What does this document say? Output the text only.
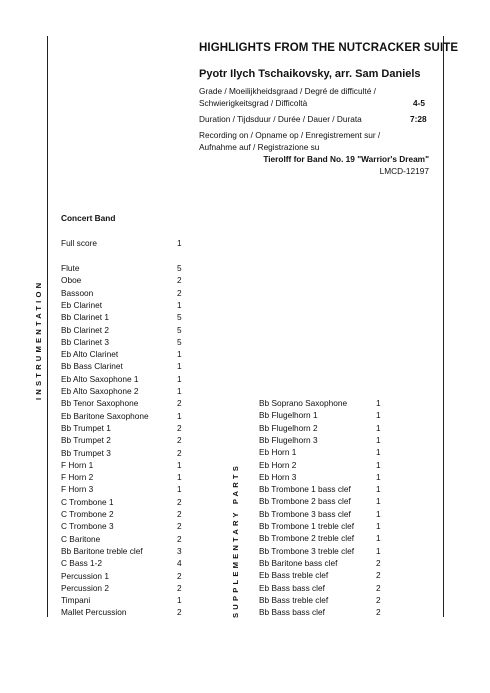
HIGHLIGHTS FROM THE NUTCRACKER SUITE
Pyotr Ilych Tschaikovsky, arr. Sam Daniels
Grade / Moeilijkheidsgraad / Degré de difficulté /
Schwierigkeitsgrad / Difficoltà	4-5
Duration / Tijdsduur / Durée / Dauer / Durata	7:28
Recording on / Opname op / Enregistrement sur /
Aufnahme auf / Registrazione su
Tierolff for Band No. 19 "Warrior's Dream"
LMCD-12197
INSTRUMENTATION
SUPPLEMENTARY PARTS
Concert Band
Full score	1
Flute	5
Oboe	2
Bassoon	2
Eb Clarinet	1
Bb Clarinet 1	5
Bb Clarinet 2	5
Bb Clarinet 3	5
Eb Alto Clarinet	1
Bb Bass Clarinet	1
Eb Alto Saxophone 1	1
Eb Alto Saxophone 2	1
Bb Tenor Saxophone	2
Eb Baritone Saxophone	1
Bb Trumpet 1	2
Bb Trumpet 2	2
Bb Trumpet 3	2
F Horn 1	1
F Horn 2	1
F Horn 3	1
C Trombone 1	2
C Trombone 2	2
C Trombone 3	2
C Baritone	2
Bb Baritone treble clef	3
C Bass 1-2	4
Percussion 1	2
Percussion 2	2
Timpani	1
Mallet Percussion	2
Bb Soprano Saxophone	1
Bb Flugelhorn 1	1
Bb Flugelhorn 2	1
Bb Flugelhorn 3	1
Eb Horn 1	1
Eb Horn 2	1
Eb Horn 3	1
Bb Trombone 1 bass clef	1
Bb Trombone 2 bass clef	1
Bb Trombone 3 bass clef	1
Bb Trombone 1 treble clef	1
Bb Trombone 2 treble clef	1
Bb Trombone 3 treble clef	1
Bb Baritone bass clef	2
Eb Bass treble clef	2
Eb Bass bass clef	2
Bb Bass treble clef	2
Bb Bass bass clef	2
